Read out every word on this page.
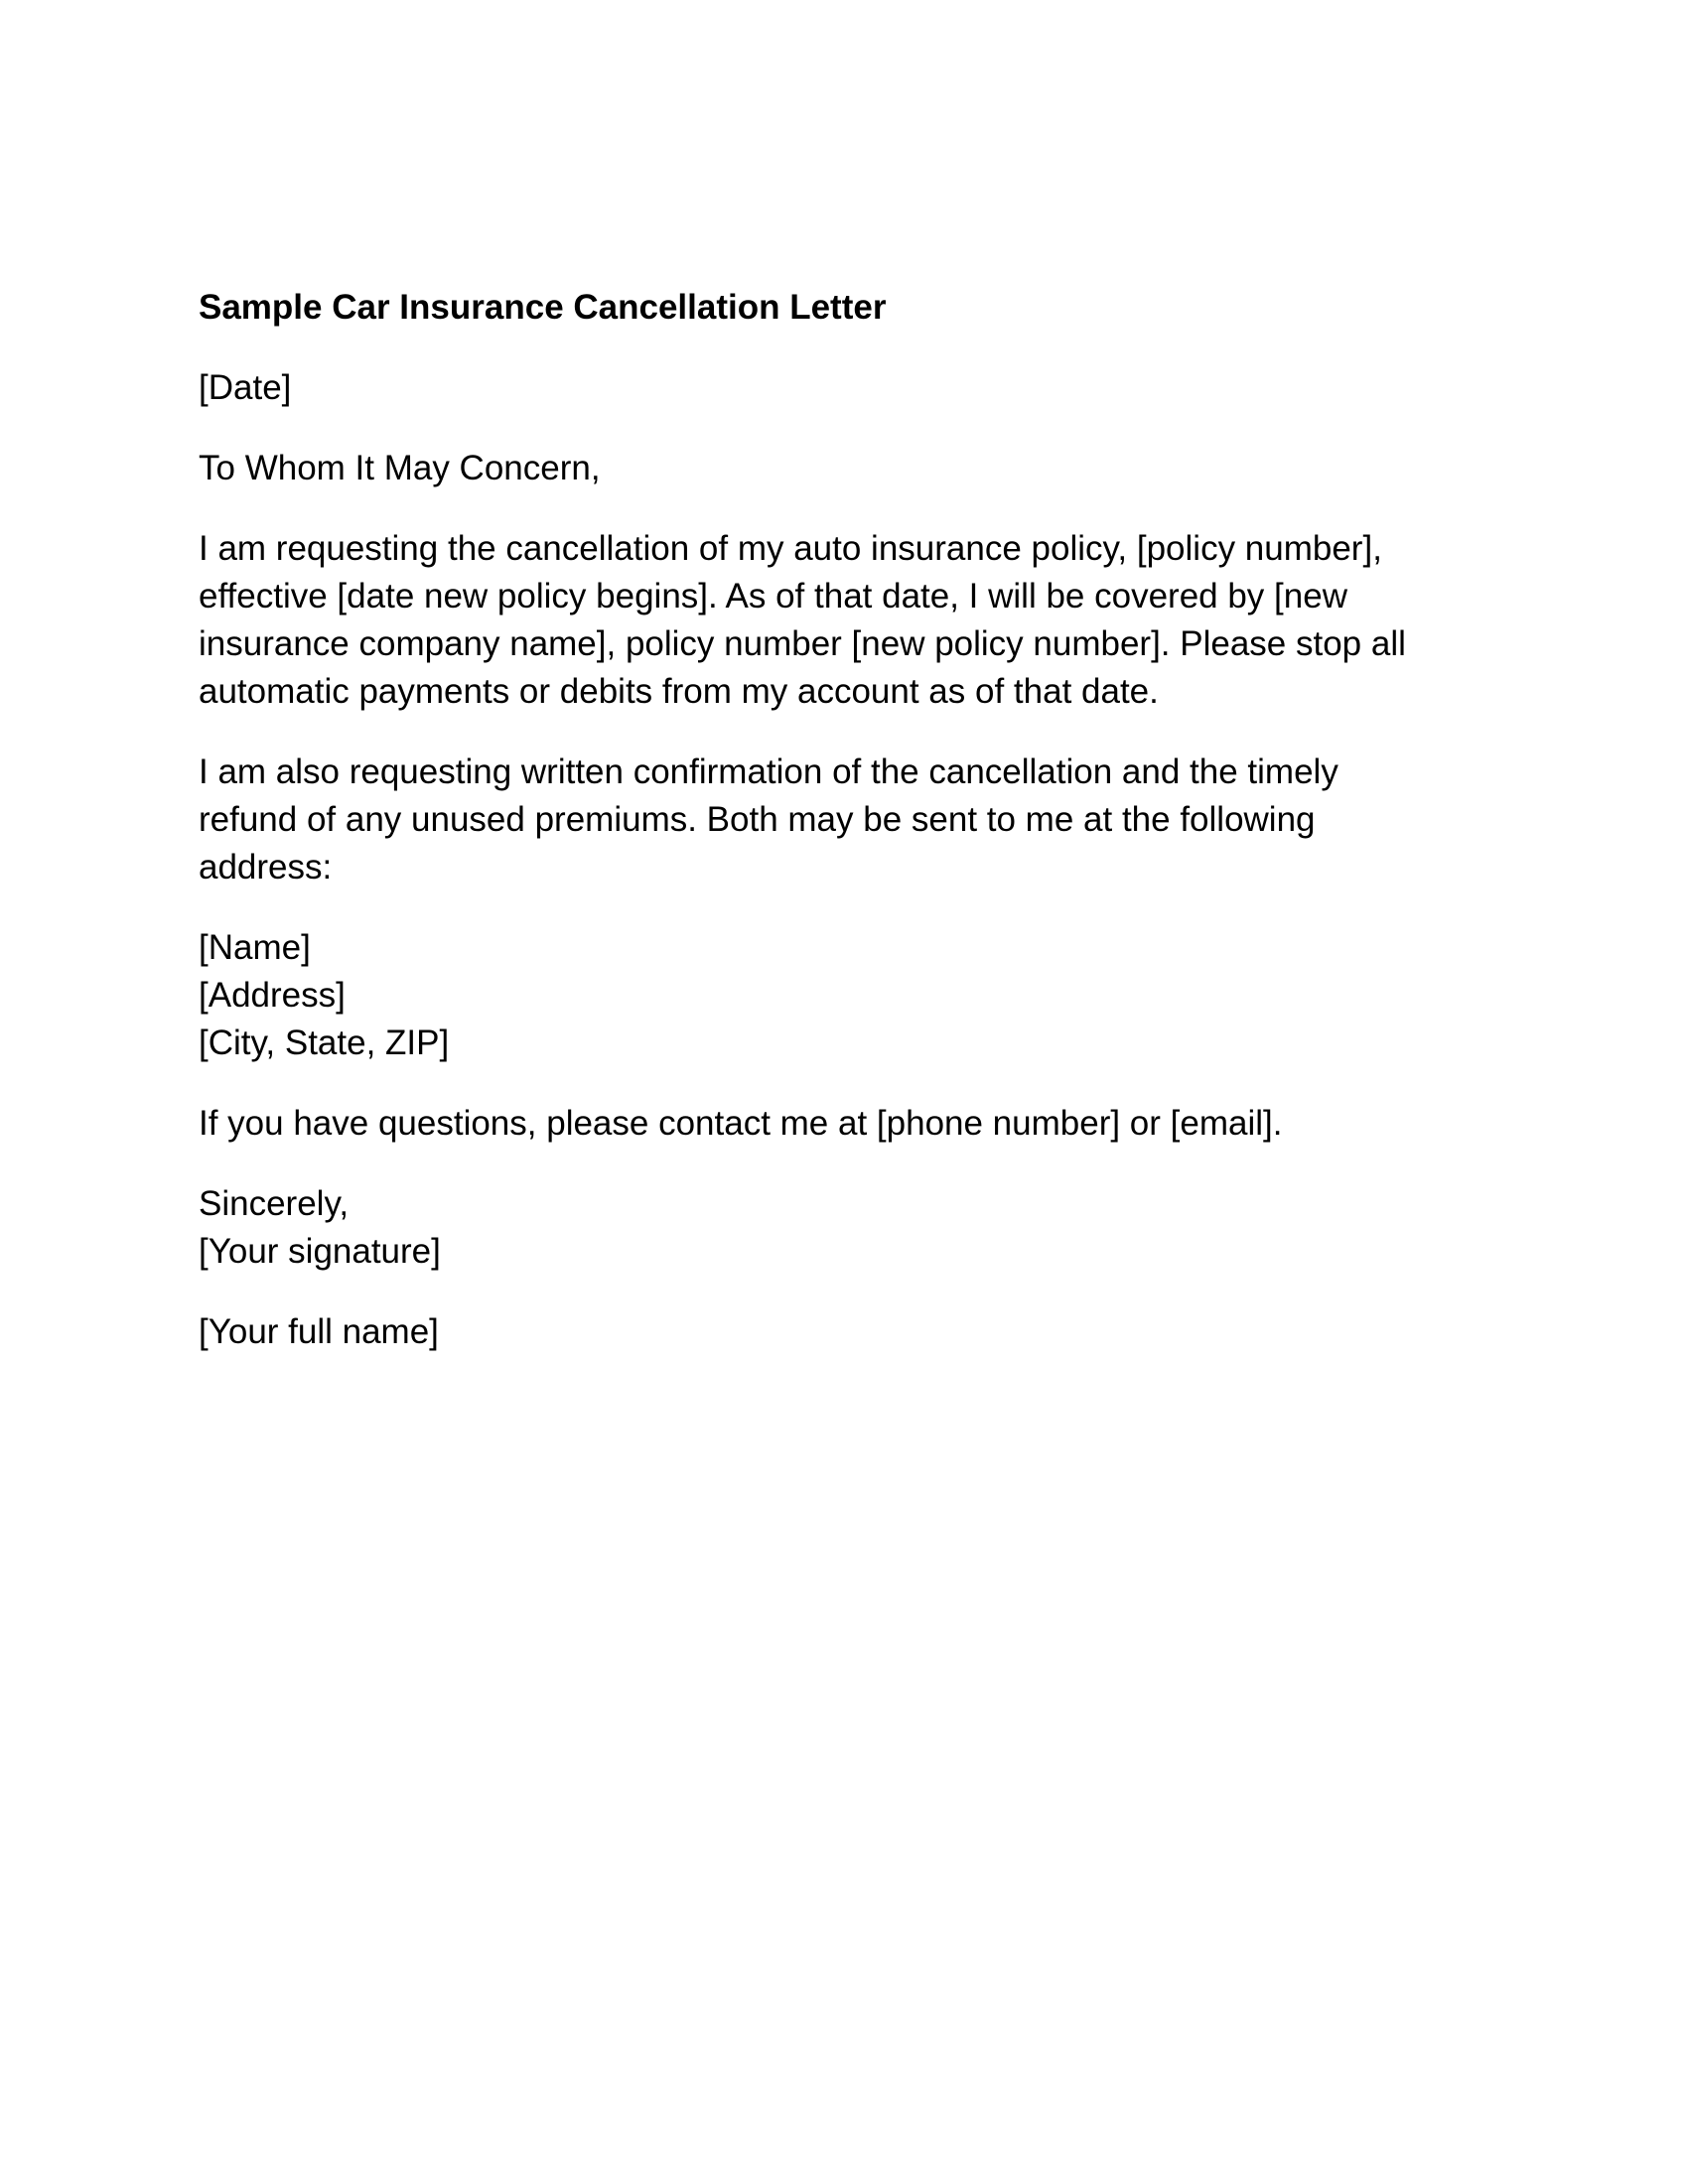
Sample Car Insurance Cancellation Letter
[Date]
To Whom It May Concern,
I am requesting the cancellation of my auto insurance policy, [policy number],
effective [date new policy begins]. As of that date, I will be covered by [new
insurance company name], policy number [new policy number]. Please stop all
automatic payments or debits from my account as of that date.
I am also requesting written confirmation of the cancellation and the timely
refund of any unused premiums. Both may be sent to me at the following
address:
[Name]
[Address]
[City, State, ZIP]
If you have questions, please contact me at [phone number] or [email].
Sincerely,
[Your signature]
[Your full name]
